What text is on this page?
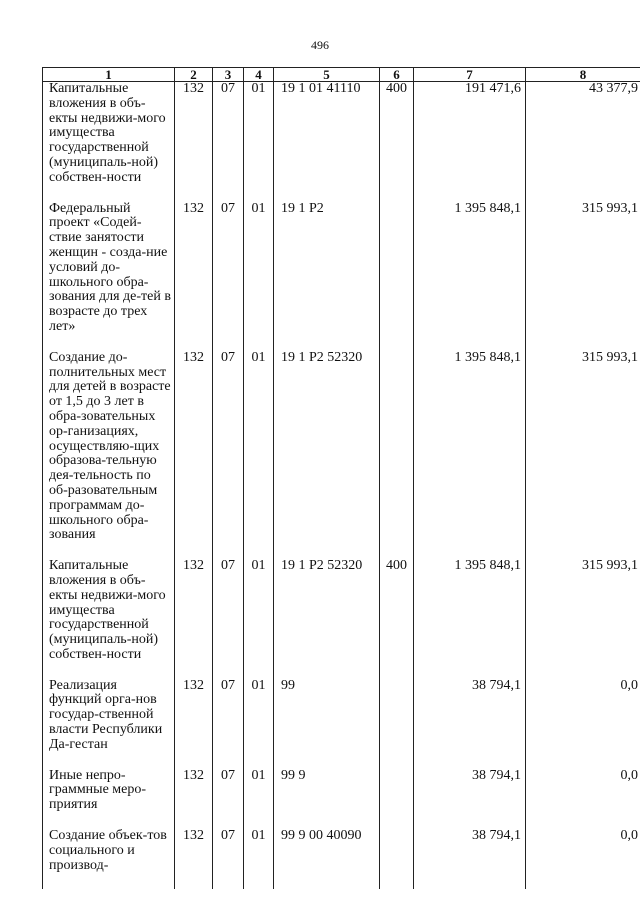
496
1	2	3	4	5	6	7	8
Капитальные вложения в объ-екты недвижи-мого имущества государственной (муниципаль-ной) собствен-ности	132	07	01	19 1 01 41110	400	191 471,6	43 377,9
Федеральный проект «Содей-ствие занятости женщин - созда-ние условий до-школьного обра-зования для де-тей в возрасте до трех лет»	132	07	01	19 1 P2		1 395 848,1	315 993,1
Создание до-полнительных мест для детей в возрасте от 1,5 до 3 лет в обра-зовательных ор-ганизациях, осуществляю-щих образова-тельную дея-тельность по об-разовательным программам до-школьного обра-зования	132	07	01	19 1 P2 52320		1 395 848,1	315 993,1
Капитальные вложения в объ-екты недвижи-мого имущества государственной (муниципаль-ной) собствен-ности	132	07	01	19 1 P2 52320	400	1 395 848,1	315 993,1
Реализация функций орга-нов государ-ственной власти Республики Да-гестан	132	07	01	99		38 794,1	0,0
Иные непро-граммные меро-приятия	132	07	01	99 9		38 794,1	0,0
Создание объек-тов социального и производ-	132	07	01	99 9 00 40090		38 794,1	0,0
